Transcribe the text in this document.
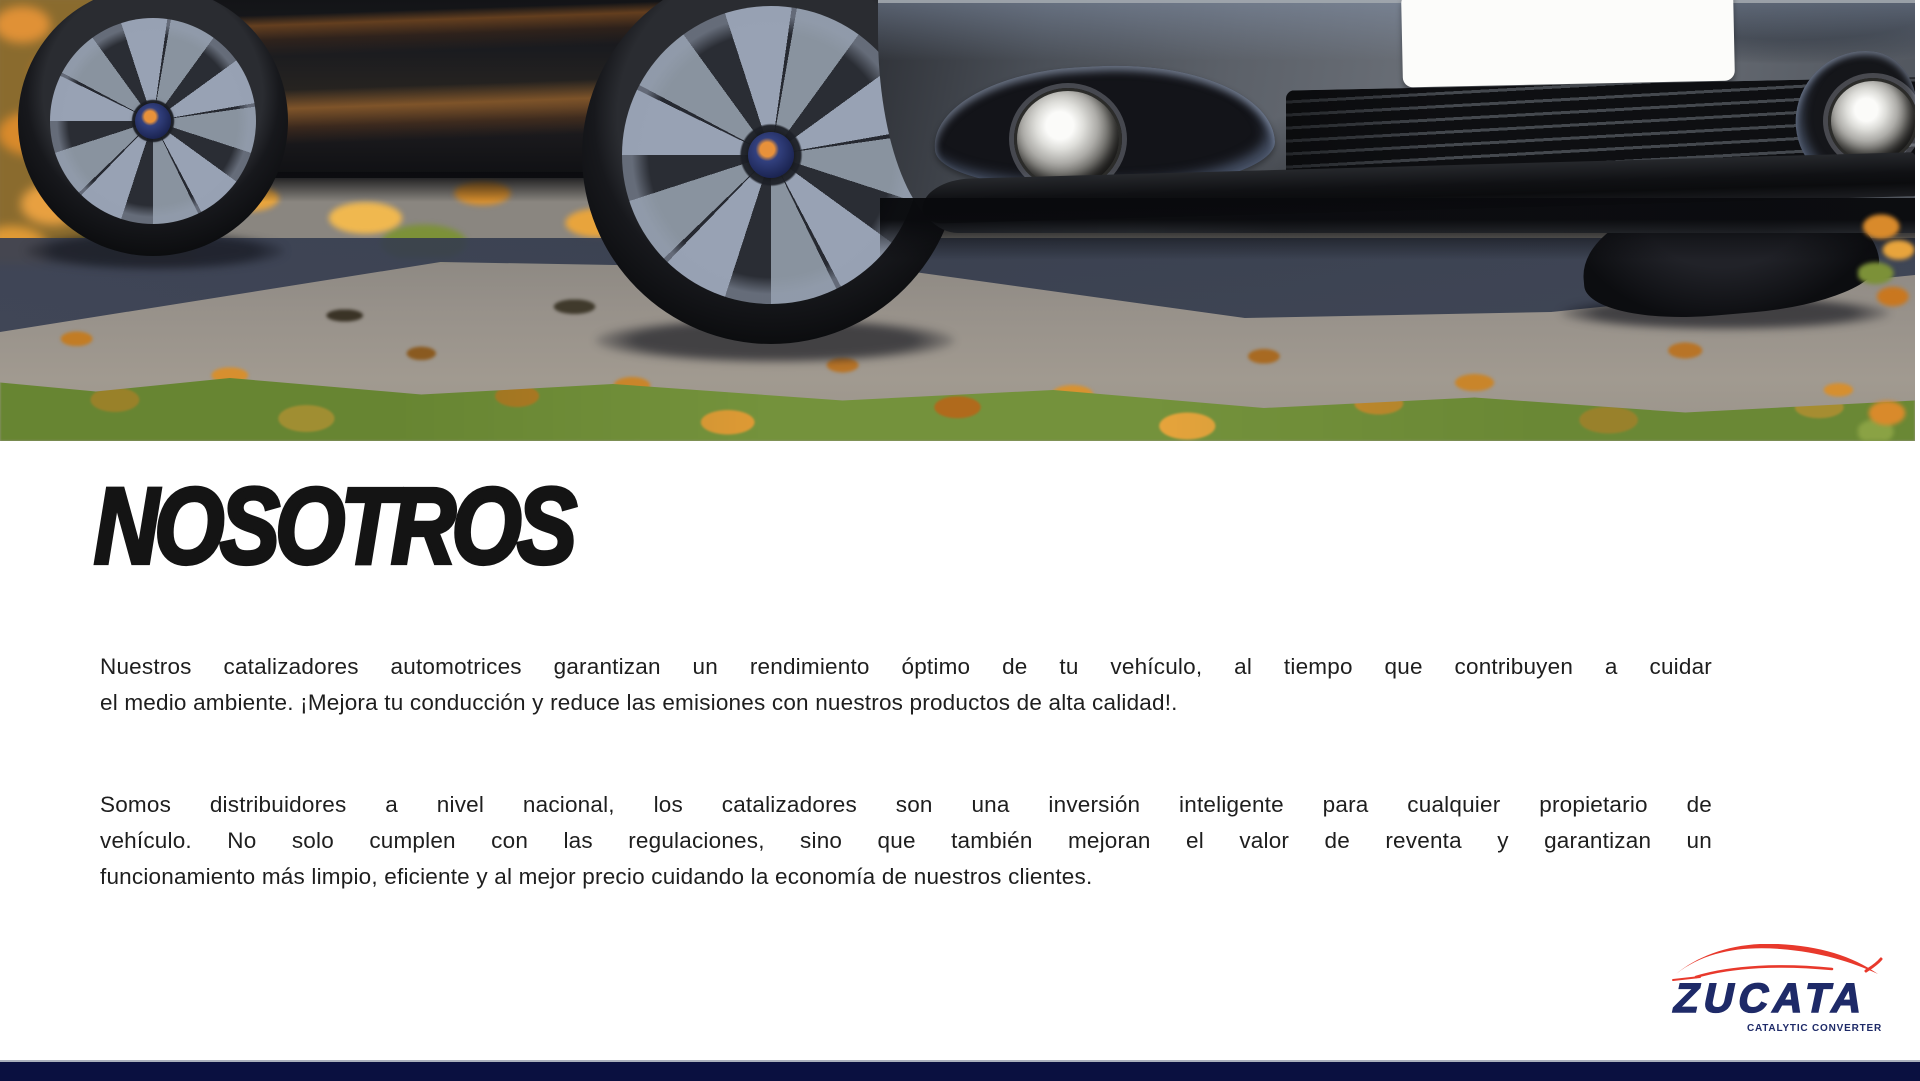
NOSOTROS
Nuestros catalizadores automotrices garantizan un rendimiento óptimo de tu vehículo, al tiempo que contribuyen a cuidar
el medio ambiente. ¡Mejora tu conducción y reduce las emisiones con nuestros productos de alta calidad!.
Somos distribuidores a nivel nacional, los catalizadores son una inversión inteligente para cualquier propietario de
vehículo. No solo cumplen con las regulaciones, sino que también mejoran el valor de reventa y garantizan un
funcionamiento más limpio, eficiente y al mejor precio cuidando la economía de nuestros clientes.
ZUCATA
CATALYTIC CONVERTER
